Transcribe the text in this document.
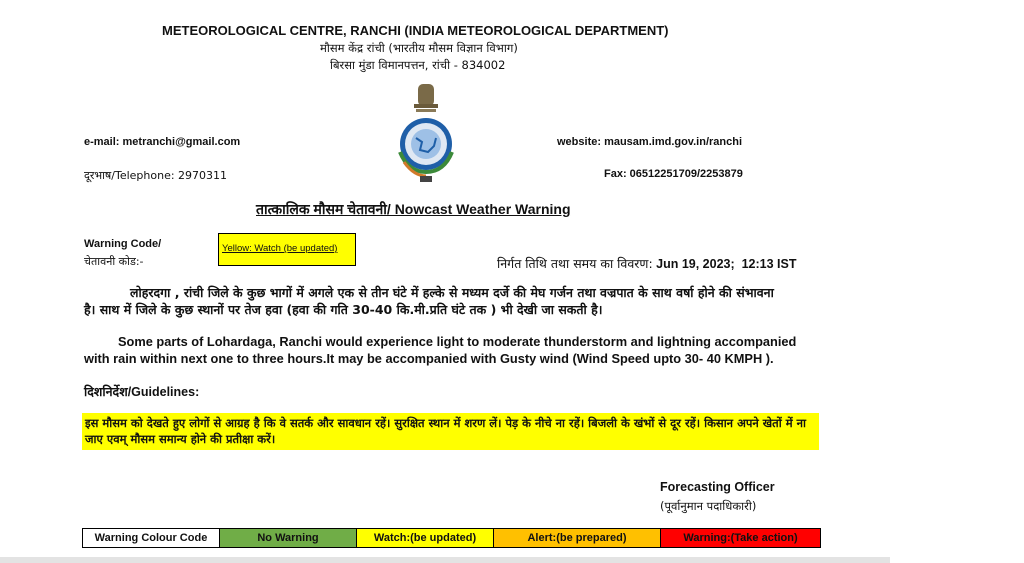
METEOROLOGICAL CENTRE, RANCHI (INDIA METEOROLOGICAL DEPARTMENT)
मौसम केंद्र रांची (भारतीय मौसम विज्ञान विभाग)
बिरसा मुंडा विमानपत्तन, रांची - 834002
e-mail: metranchi@gmail.com	website: mausam.imd.gov.in/ranchi
दूरभाष/Telephone: 2970311	Fax: 06512251709/2253879
तात्कालिक मौसम चेतावनी/ Nowcast Weather Warning
Warning Code/
चेतावनी कोड:-
Yellow: Watch (be updated)
निर्गत तिथि तथा समय का विवरण: Jun 19, 2023;  12:13 IST
लोहरदगा , रांची जिले के कुछ भागों में अगले एक से तीन घंटे में हल्के से मध्यम दर्जे की मेघ गर्जन तथा वज्रपात के साथ वर्षा होने की संभावना है। साथ में जिले के कुछ स्थानों पर तेज हवा (हवा की गति 30-40 कि.मी.प्रति घंटे तक ) भी देखी जा सकती है।
Some parts of Lohardaga, Ranchi would experience light to moderate thunderstorm and lightning accompanied with rain within next one to three hours.It may be accompanied with Gusty wind (Wind Speed upto 30- 40 KMPH ).
दिशनिर्देश/Guidelines:
इस मौसम को देखते हुए लोगों से आग्रह है कि वे सतर्क और सावधान रहें। सुरक्षित स्थान में शरण लें। पेड़ के नीचे ना रहें। बिजली के खंभों से दूर रहें। किसान अपने खेतों में ना जाए एवम् मौसम समान्य होने की प्रतीक्षा करें।
Forecasting Officer
(पूर्वानुमान पदाधिकारी)
Warning Colour Code	No Warning	Watch:(be updated)	Alert:(be prepared)	Warning:(Take action)
